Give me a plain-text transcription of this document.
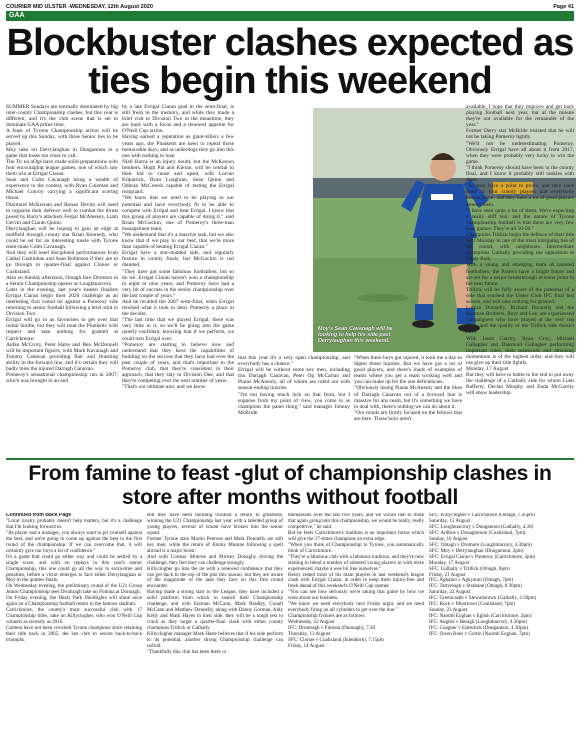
COURIER MID ULSTER -WEDNESDAY, 12th August 2020	Page 41
GAA
Blockbuster clashes expected as ties begin this weekend

SUMMER Sundays are normally dominated by big inter-county Championship clashes, but this year is different, and it's the club scene that is set to dominate GAA prime time.

A feast of Tyrone Championship action will be served up this Sunday, with three Senior ties to be played.

Moy take on Derrylaughan in Dungannon in a game that looks too close to call.

The Tir na nOgs have made solid preparations with four encouraging league games, one of which saw them win at Errigal Ciaran.

Sean and Colm Cavanagh bring a wealth of experience to the contest, with Ryan Coleman and Michael Conroy carrying a significant scoring threat.

Diarmuid McKernan and Ronan Devlin will need to organise their defence well to combat the threat posed by Barry's attackers Fergal McAleskey, Liam Gervin and Ciaran Quinn.

Derrylaughan will be hoping to gain an edge at midfield through county star Brian Kennedy, who could be set for an interesting tussle with Tyrone team-mate Colm Cavanagh.

And they will need disciplined performances from Cathal Cashinhan and Sean Robinson if they are to go through to quarter-final against Clonoe or Coalisland.

Also on Sunday afternoon, Omagh face Dromore in a Senior Championship opener at Loughmacrory.

Later in the evening, last year's beaten finalists Errigal Ciaran begin their 2020 challenge as an interesting first round tie against a Pomeroy side returning to senior football following a brief stint in Division Two.

Errigal will go in as favourites to get over that initial hurdle, but they will treat the Plunketts with respect and take nothing for granted at Carrickmore.

Aidan McCrory, Peter Harte and Ben McDonnell will be important figures, with Mark Kavanagh and Tommy Canavan providing flair and finishing ability in the forward line, and it's certain they will badly miss the injured Darragh Canavan.

Pomeroy's sensational championship run in 2007, which was brought to an end

by a late Errigal Ciaran goal in the semi-final, is still fresh in the memory, and while they made a brief visit to Division Two in the meantime, they are back with a focus and a renewed appetite for O'Neill Cup action.

Having earned a reputation as giant-killers a few years ago, the Plunketts are keen to repeat those memorable days, and as underdogs they go into this one with nothing to lose.

Niall Burns is an injury doubt, but the McKeown brothers, Hugh Pat and Kieran, will be central to their bid to cause and upset, with Lorcan Kilpatrick, Ryan Loughran, Sean Quinn and Odhran McCreesh capable of testing the Errigal rearguard.

"We know that we need to be playing to our potential and have everybody fit to be able to compete with Errigal and beat Errigal. I know that this group of players are capable of doing it," said Brian McGuckin, one of Pomeroy's three-man management team.

"We understand that it's a massive task, but we also know that if we play to our best, that we're more than capable of beating Errigal Ciaran."

Errigal have a star-studded side, and regularly feature in county finals, but McGuckin is not daunted.

"They have got some fabulous footballers, but so do we. Errigal Ciaran haven't won a championship in eight or nine years, and Pomeroy have had a very bit of success in the senior championship over the last couple of years."

And he recalled the 2007 semi-final, when Errigal mocked what it took to deny Pomeroy a place in the decider.

"The last time that we played Errigal, there was very little in it, so we'll be going into the game quietly confident, knowing that if we perform, we could turn Errigal over.

"Pomeroy are starting to believe now and understand that they have the capabilities of building on the success that they have had over the past couple of years, and that's important to the Pomeroy club, that they're consistent in their approach, that they stay in Division One, and that they're competing over the next number of years.

"That's our ultimate aim, and we know

Moy's Sean Cavanagh will be looking to help his side past Derrylaughan this weekend.

that this year it's a very open championship, and everybody has a chance."

Errigal will be without some key men, including trio Darragh Canavan, Peter Og McCartan and Piaras McAnenly, all of whom are ruled out with season-ending injuries.

"I'm not having much luck on that front, but I suppose from my point of view, you come in as champions the panel thing," said manager Johnny McBride.

"When these boys got injured, it took me a day to digest those injuries. But we have got a lot of good players, and there's loads of examples of teams where you get a team working well and you can make up for the one deficiencies.

"Obviously losing Piaras McAnenly and the likes of Darragh Canavan out of a forward line is massive for any team, but it's something we have to deal with, there's nothing we can do about it.

"Our minds are firmly focused on the fellows that are here. Those boys aren't

available, I hope that they improve and get back playing football next year, but at the minute they're not available for the remainder of the year."

Former Derry star McBride insisted that he will not be taking Pomeroy lightly.

"We'll not be underestimating Pomeroy. Obviously Errigal have all about it from 2017, when they were probably very lucky to win the game.

"I think Pomeroy should have been in the county final, and I know it probably still rankles with them.

"So they have a point to prove, and they have three or four county players that everybody knows about, and they have a lot of good players around them.

"I have seen quite a lot of them. We're expecting a really stiff test, and the nature of Tyrone championship football is that there are very few easy games. They're all 50-50."

Champions Trillick begin the defence of their title next Monday in one of the most intriguing ties of the round, with neighbours Intermediate champions Galbally providing the opposition at Healy Park.

With a young and emerging team of talented footballers, the Pastors have a bright future and are set for a major breakthrough at some point in the near future.

Trillick will be fully aware of the potential of a side that reached the Ulster Club IFC final last season, and will take nothing for granted.

Lorcan Donnelly, Richard Donnelly and the Brennan Brothers, Rory and Lee, are experienced campaigners who have played at the very top level, and the quality of the Trillick side doesn't have.

With Jason Garrity, Ryan Gray, Michael Gallagher and Diarmuid Gallagher performing important roles, their teamwork and attacking momentum is of the highest order, and they will not give up their title lightly.

Monday, 17 August

But they will have to battle to the end to put away the challenge of a Galbally side for whom Liam Rafferty, Declan Murphy and Enda McGarrity will show leadership.

From famine to feast -glut of championship clashes in store after months without football

Continued from Back Page

"Local rivalry probably doesn't help matters, but it's a challenge that I'm looking forward to.

"As player and a manager, you always want to pit yourself against the best, and we're going to come up against the best in the first round of the championship. If we can overcome that, it will certainly give our boys a lot of confidence."

It's a game that could go either way and could be settled by a single score, and with no replays in this year's senior Championship, this one could go all the way to extra-time and penalties, before a victor emerges to face either Derrylaughan or Moy in the quarter-finals.

On Wednesday evening, the preliminary round of the U21 Group Junior Championship sees Drumragh take on Fintona at Dunnagh.

On Friday evening, the Healy Park floodlights will shine once again on a Championship football return to the famous stadium.

Carrickmore, the county's most successful club with 17 Championship titles, take on Killyclogher, who won O'Neill Cup winners as recently as 2016.

Carmen have not been crowned Tyrone champions since retaining their title back in 2005, the last club to secure back-to-back triumphs.

But they have been building towards a return to greatness, winning the U21 Championship last year with a talented group of young players, several of whom have broken into the senior squad.

Former Tyrone stars Martin Penrose and Mark Donnelly are still key men, while the return of Jimmy Munroe following a spell abroad is a major boost.

And with Cormac Munroe and Mickey Donaghy driving the challenge, they feel they can challenge strongly.

Killyclogher go into the tie with a renewed confidence that they can get back to the top of the pile this season, but they are aware of the magnitude of the task they face on this first round encounter.

Having made a strong start to the League, they have included a solid platform from which to launch their Championship challenge, and with Eiernan McCann, Mark Bradley, Conall McCann and Matthew Donnelly, along with Danny Gorman, Aidy Kelly and Mark Hayes in their side, they will be a tough test to crack as they target a quarter-final clash with either county champions Trillick or Galbally.

Killyclogher manager Mark Harte believes that if his side perform to its potential, another strong Championship challenge can unfold.

"Thankfully this club has been there or

thereabouts over the last five years, and we would like to think that again going into this championship, we would be really, really competitive," he said.

But he feels Carrickmore's tradition is an important factor which will give the 17-times champions an extra edge.

"When you think of Championship in Tyrone, you automatically think of Carrickmore.

"They're a fabulous club with a fabulous tradition, and they're now starting to blend a number of talented young players in with more experienced, maybe a wee bit like ourselves."

Henry rested most of his main players in last weekend's league clash with Errigal Ciaran, in order to keep them injury-free and fresh ahead of this weekend's O'Neill Cup opener.

"You can see how seriously we're taking that game by how we went about our business.

"We know we need everybody next Friday night, and we need everybody firing on all cylinders to get over the line."

Championship fixtures are as follows:

Wednesday, 12 August

IFC: Drumragh v Fintona (Dunnagh), 7.30

Thursday, 13 August

SFC: Clonoe v Coalisland (Edendork), 7.15pm

Friday, 14 August

SFC: Killyclogher v Carrickmore (Omagh, 7.45pm)

Saturday, 15 August

SFC: Loughmacrory v Dungannon (Galbally, 4.30)

SFC: Ardboe v Donaghmore (Coalisland, 7pm)

Sunday, 16 August

SFC: Omagh v Dromore (Loughmacrory, 4.30pm)

SFC: Moy v Derrylaughan (Dungannon, 2pm)

SFC: Errigal Ciaran v Pomeroy (Carrickmore, 2pm)

Monday, 17 August

SFC: Galbally v Trillick (Omagh, 8pm)

Friday, 21 August

IFC: Aghaloo v Aghyaran (Omagh, 7pm)

IFC: Tattyreagh v Strabane (Omagh, 8.30pm)

Saturday, 22 August

IFC: Greencastle v Stewartstown (Galbally, 4.30pm)

IFC: Rock v Moortown (Coalisland, 7pm)

Sunday, 23 August

IFC: Naomh Eoghan v Eglish (Carrickmore, 2pm)

IFC: Augher v Beragh (Loughmacrory, 4.30pm)

IFC: Coagher v Edendork (Dungannon, 4.30pm)

IFC: Owen Roes v Gortin (Naomh Eoghan, 7pm)
